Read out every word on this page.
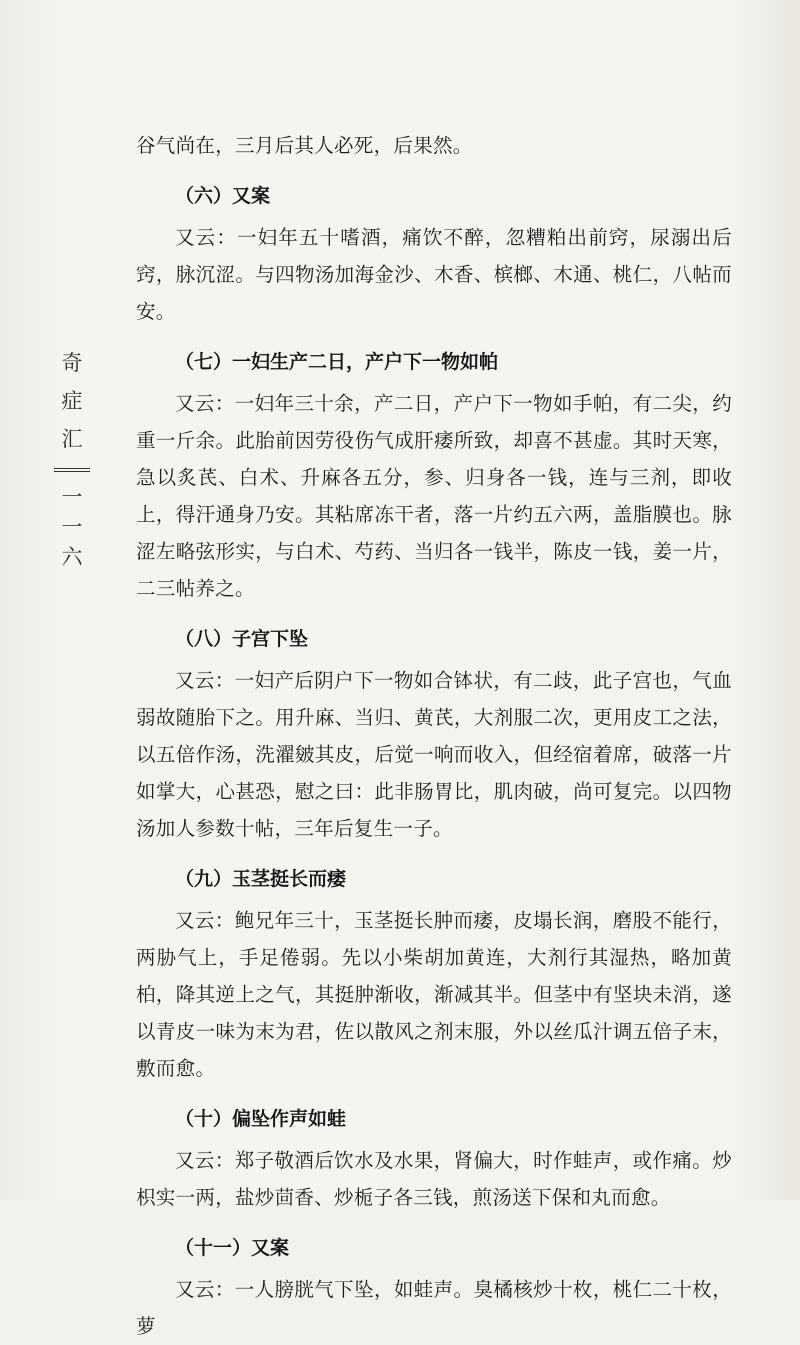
奇
症
汇
一
一
六

谷气尚在，三月后其人必死，后果然。

（六）又案

又云：一妇年五十嗜酒，痛饮不醉，忽糟粕出前窍，尿溺出后窍，脉沉涩。与四物汤加海金沙、木香、槟榔、木通、桃仁，八帖而安。

（七）一妇生产二日，产户下一物如帕

又云：一妇年三十余，产二日，产户下一物如手帕，有二尖，约重一斤余。此胎前因劳役伤气成肝痿所致，却喜不甚虚。其时天寒，急以炙芪、白术、升麻各五分，参、归身各一钱，连与三剂，即收上，得汗通身乃安。其粘席冻干者，落一片约五六两，盖脂膜也。脉涩左略弦形实，与白术、芍药、当归各一钱半，陈皮一钱，姜一片，二三帖养之。

（八）子宫下坠

又云：一妇产后阴户下一物如合钵状，有二歧，此子宫也，气血弱故随胎下之。用升麻、当归、黄芪，大剂服二次，更用皮工之法，以五倍作汤，洗濯皴其皮，后觉一响而收入，但经宿着席，破落一片如掌大，心甚恐，慰之曰：此非肠胃比，肌肉破，尚可复完。以四物汤加人参数十帖，三年后复生一子。

（九）玉茎挺长而痿

又云：鲍兄年三十，玉茎挺长肿而痿，皮塌长润，磨股不能行，两胁气上，手足倦弱。先以小柴胡加黄连，大剂行其湿热，略加黄柏，降其逆上之气，其挺肿渐收，渐减其半。但茎中有坚块未消，遂以青皮一味为末为君，佐以散风之剂末服，外以丝瓜汁调五倍子末，敷而愈。

（十）偏坠作声如蛙

又云：郑子敬酒后饮水及水果，肾偏大，时作蛙声，或作痛。炒枳实一两，盐炒茴香、炒栀子各三钱，煎汤送下保和丸而愈。

（十一）又案

又云：一人膀胱气下坠，如蛙声。臭橘核炒十枚，桃仁二十枚，萝
